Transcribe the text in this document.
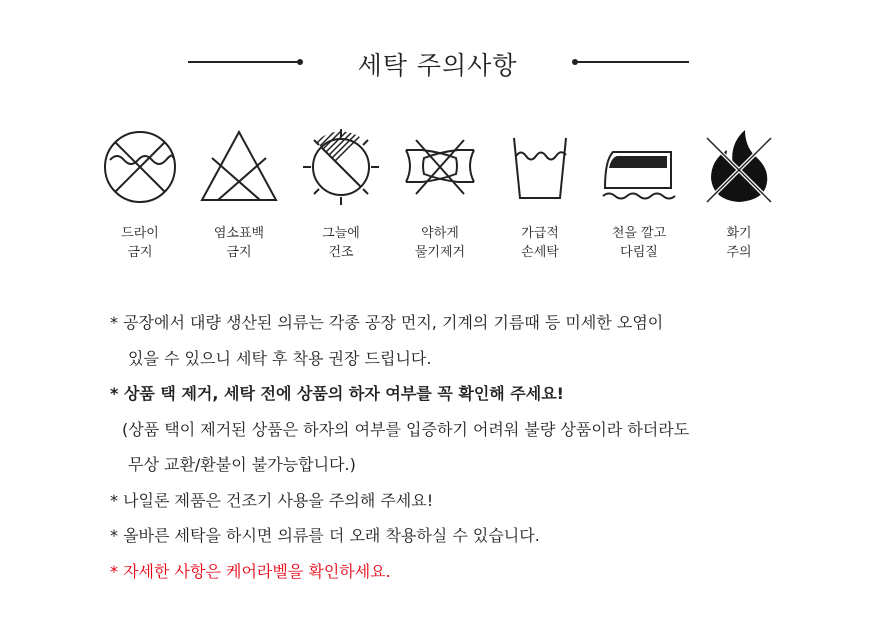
세탁 주의사항
드라이
금지
염소표백
금지
그늘에
건조
약하게
물기제거
가급적
손세탁
천을 깔고
다림질
화기
주의
* 공장에서 대량 생산된 의류는 각종 공장 먼지, 기계의 기름때 등 미세한 오염이
있을 수 있으니 세탁 후 착용 권장 드립니다.
* 상품 택 제거, 세탁 전에 상품의 하자 여부를 꼭 확인해 주세요!
(상품 택이 제거된 상품은 하자의 여부를 입증하기 어려워 불량 상품이라 하더라도
무상 교환/환불이 불가능합니다.)
* 나일론 제품은 건조기 사용을 주의해 주세요!
* 올바른 세탁을 하시면 의류를 더 오래 착용하실 수 있습니다.
* 자세한 사항은 케어라벨을 확인하세요.
